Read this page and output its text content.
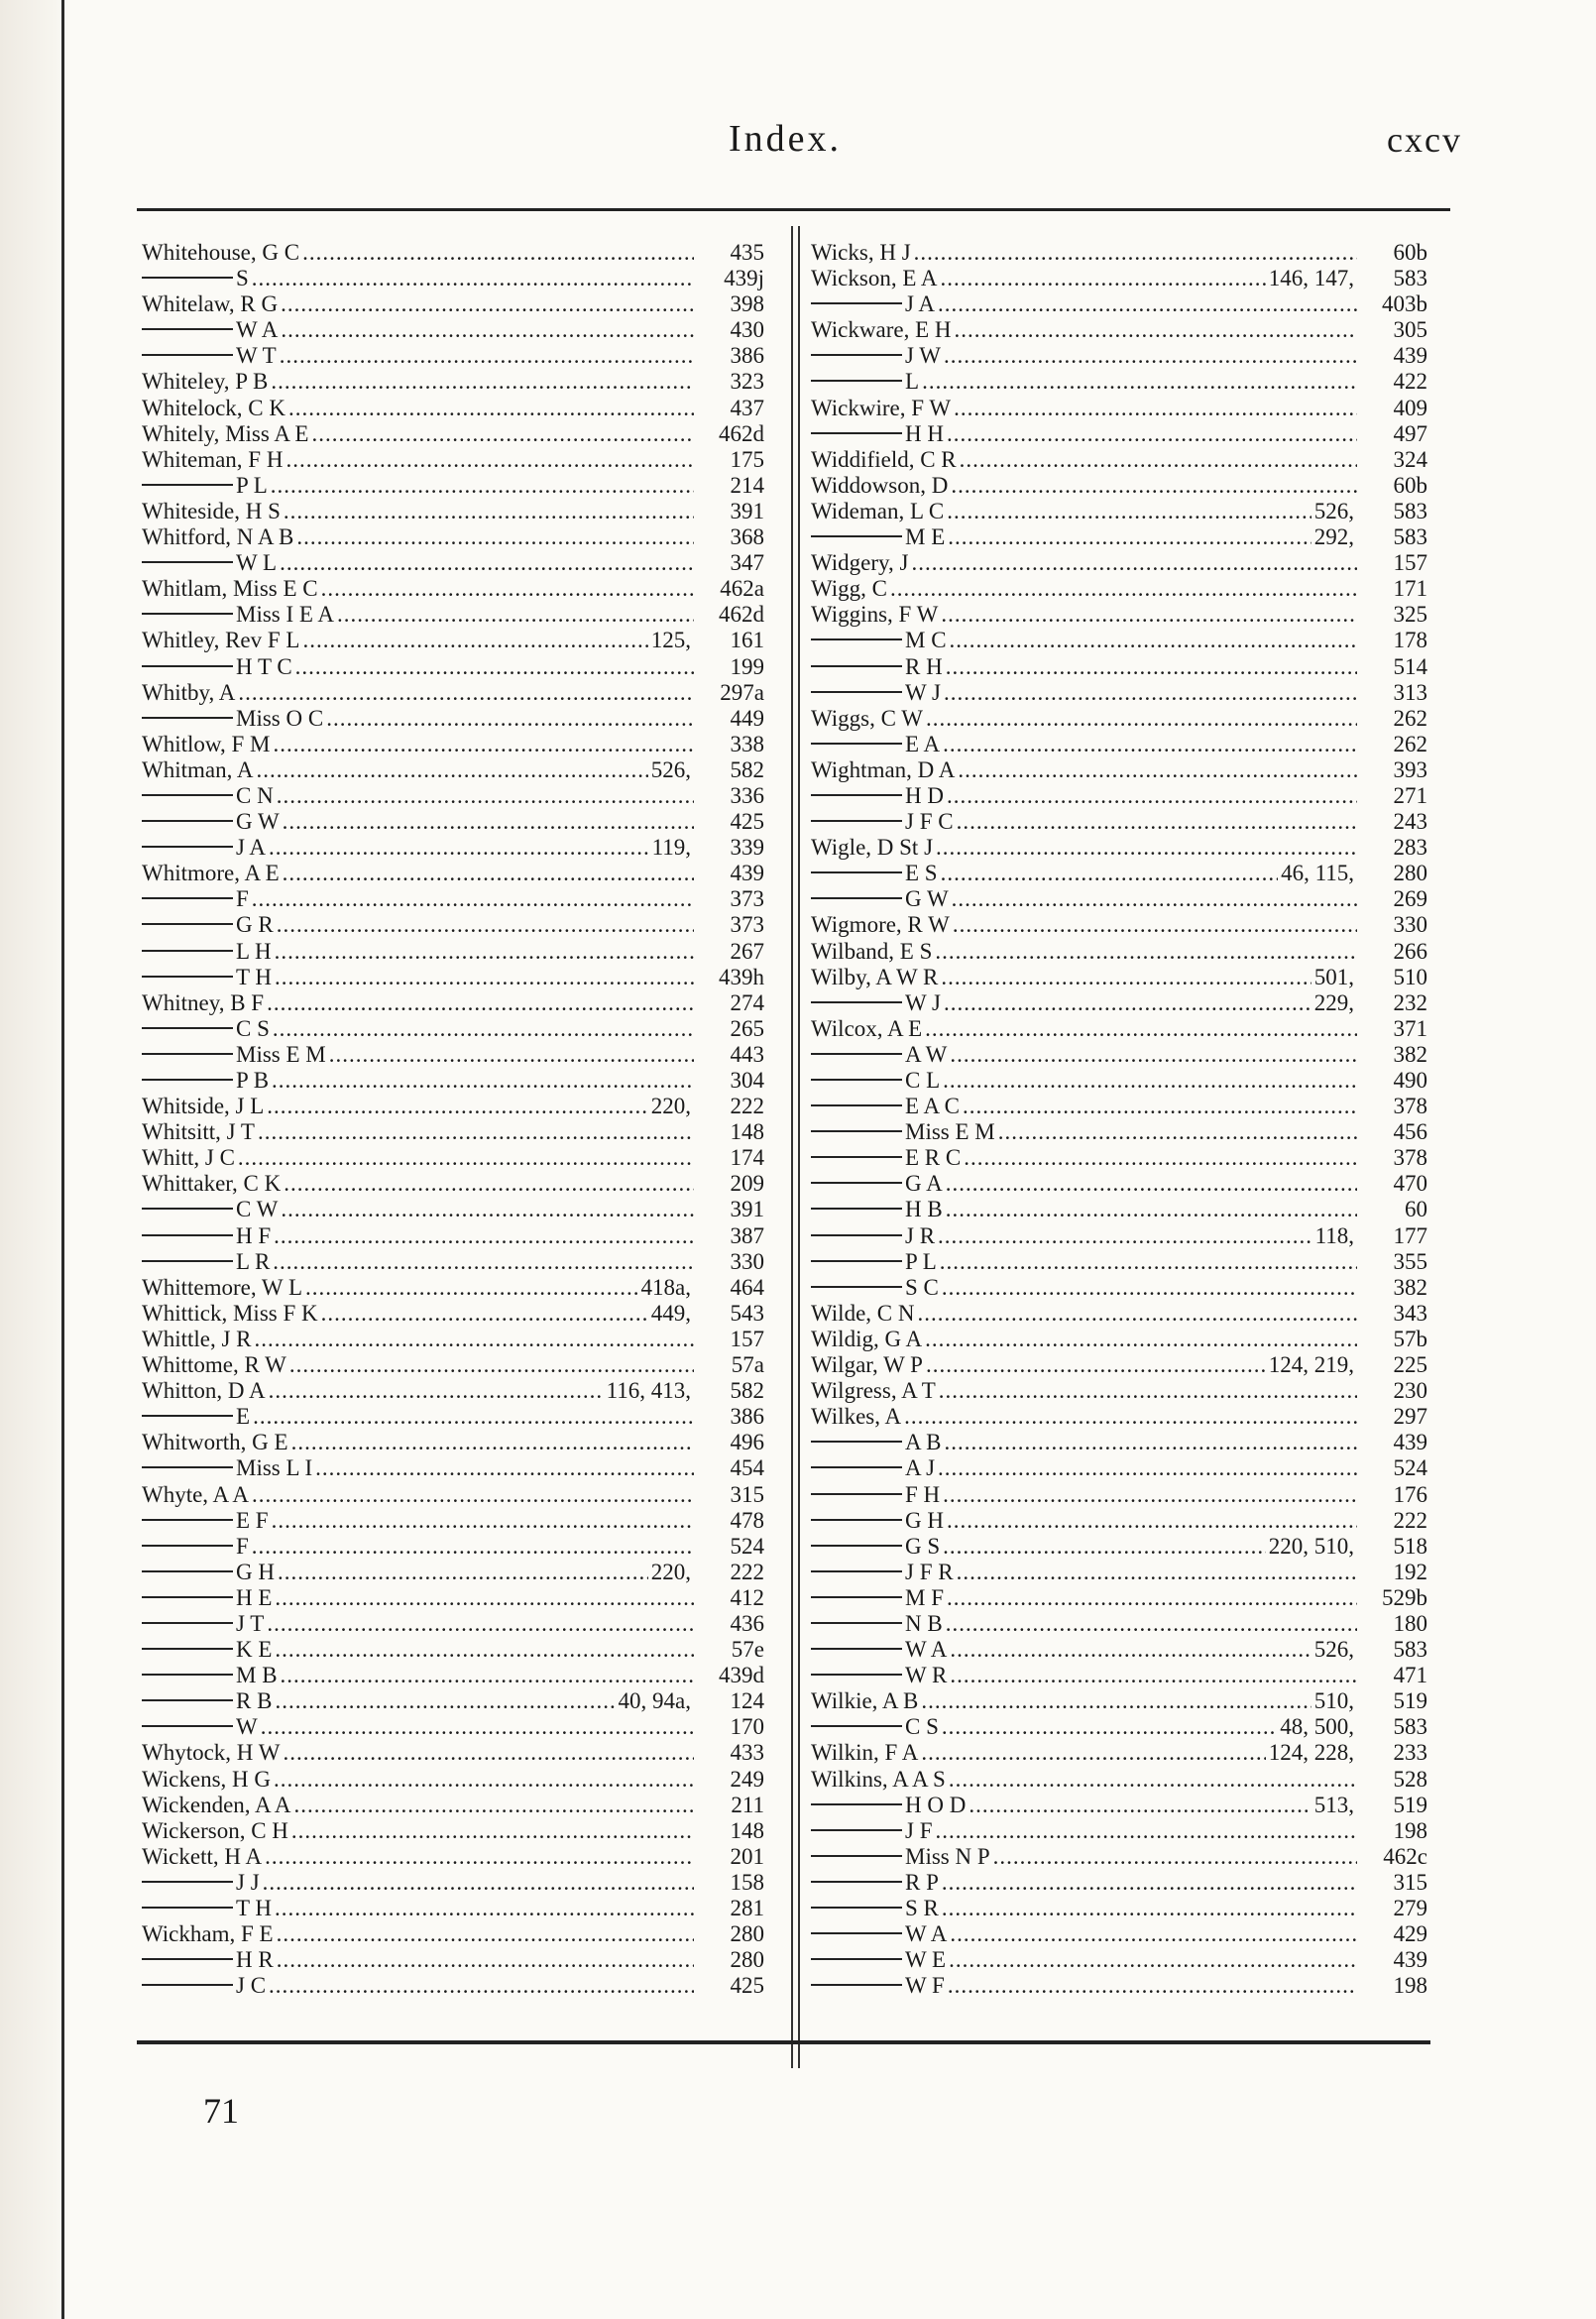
Index.	cxcv
Whitehouse, G C .....	435
S .....	439j
Whitelaw, R G .....	398
W A .....	430
W T .....	386
Whiteley, P B .....	323
Whitelock, C K .....	437
Whitely, Miss A E .....	462d
Whiteman, F H .....	175
P L .....	214
Whiteside, H S .....	391
Whitford, N A B .....	368
W L .....	347
Whitlam, Miss E C .....	462a
Miss I E A .....	462d
Whitley, Rev F L .....	125,	161
H T C .....	199
Whitby, A .....	297a
Miss O C .....	449
Whitlow, F M .....	338
Whitman, A .....	526,	582
C N .....	336
G W .....	425
J A .....	119,	339
Whitmore, A E .....	439
F .....	373
G R .....	373
L H .....	267
T H .....	439h
Whitney, B F .....	274
C S .....	265
Miss E M .....	443
P B .....	304
Whitside, J L .....	220,	222
Whitsitt, J T .....	148
Whitt, J C .....	174
Whittaker, C K .....	209
C W .....	391
H F .....	387
L R .....	330
Whittemore, W L .....	418a,	464
Whittick, Miss F K .....	449,	543
Whittle, J R .....	157
Whittome, R W .....	57a
Whitton, D A .....	116, 413,	582
E .....	386
Whitworth, G E .....	496
Miss L I .....	454
Whyte, A A .....	315
E F .....	478
F .....	524
G H .....	220,	222
H E .....	412
J T .....	436
K E .....	57e
M B .....	439d
R B .....	40, 94a,	124
W .....	170
Whytock, H W .....	433
Wickens, H G .....	249
Wickenden, A A .....	211
Wickerson, C H .....	148
Wickett, H A .....	201
J J .....	158
T H .....	281
Wickham, F E .....	280
H R .....	280
J C .....	425
Wicks, H J .....	60b
Wickson, E A .....	146, 147,	583
J A .....	403b
Wickware, E H .....	305
J W .....	439
L .....	422
Wickwire, F W .....	409
H H .....	497
Widdifield, C R .....	324
Widdowson, D .....	60b
Wideman, L C .....	526,	583
M E .....	292,	583
Widgery, J .....	157
Wigg, C .....	171
Wiggins, F W .....	325
M C .....	178
R H .....	514
W J .....	313
Wiggs, C W .....	262
E A .....	262
Wightman, D A .....	393
H D .....	271
J F C .....	243
Wigle, D St J .....	283
E S .....	46, 115,	280
G W .....	269
Wigmore, R W .....	330
Wilband, E S .....	266
Wilby, A W R .....	501,	510
W J .....	229,	232
Wilcox, A E .....	371
A W .....	382
C L .....	490
E A C .....	378
Miss E M .....	456
E R C .....	378
G A .....	470
H B .....	60
J R .....	118,	177
P L .....	355
S C .....	382
Wilde, C N .....	343
Wildig, G A .....	57b
Wilgar, W P .....	124, 219,	225
Wilgress, A T .....	230
Wilkes, A .....	297
A B .....	439
A J .....	524
F H .....	176
G H .....	222
G S .....	220, 510,	518
J F R .....	192
M F .....	529b
N B .....	180
W A .....	526,	583
W R .....	471
Wilkie, A B .....	510,	519
C S .....	48, 500,	583
Wilkin, F A .....	124, 228,	233
Wilkins, A A S .....	528
H O D .....	513,	519
J F .....	198
Miss N P .....	462c
R P .....	315
S R .....	279
W A .....	429
W E .....	439
W F .....	198
71
